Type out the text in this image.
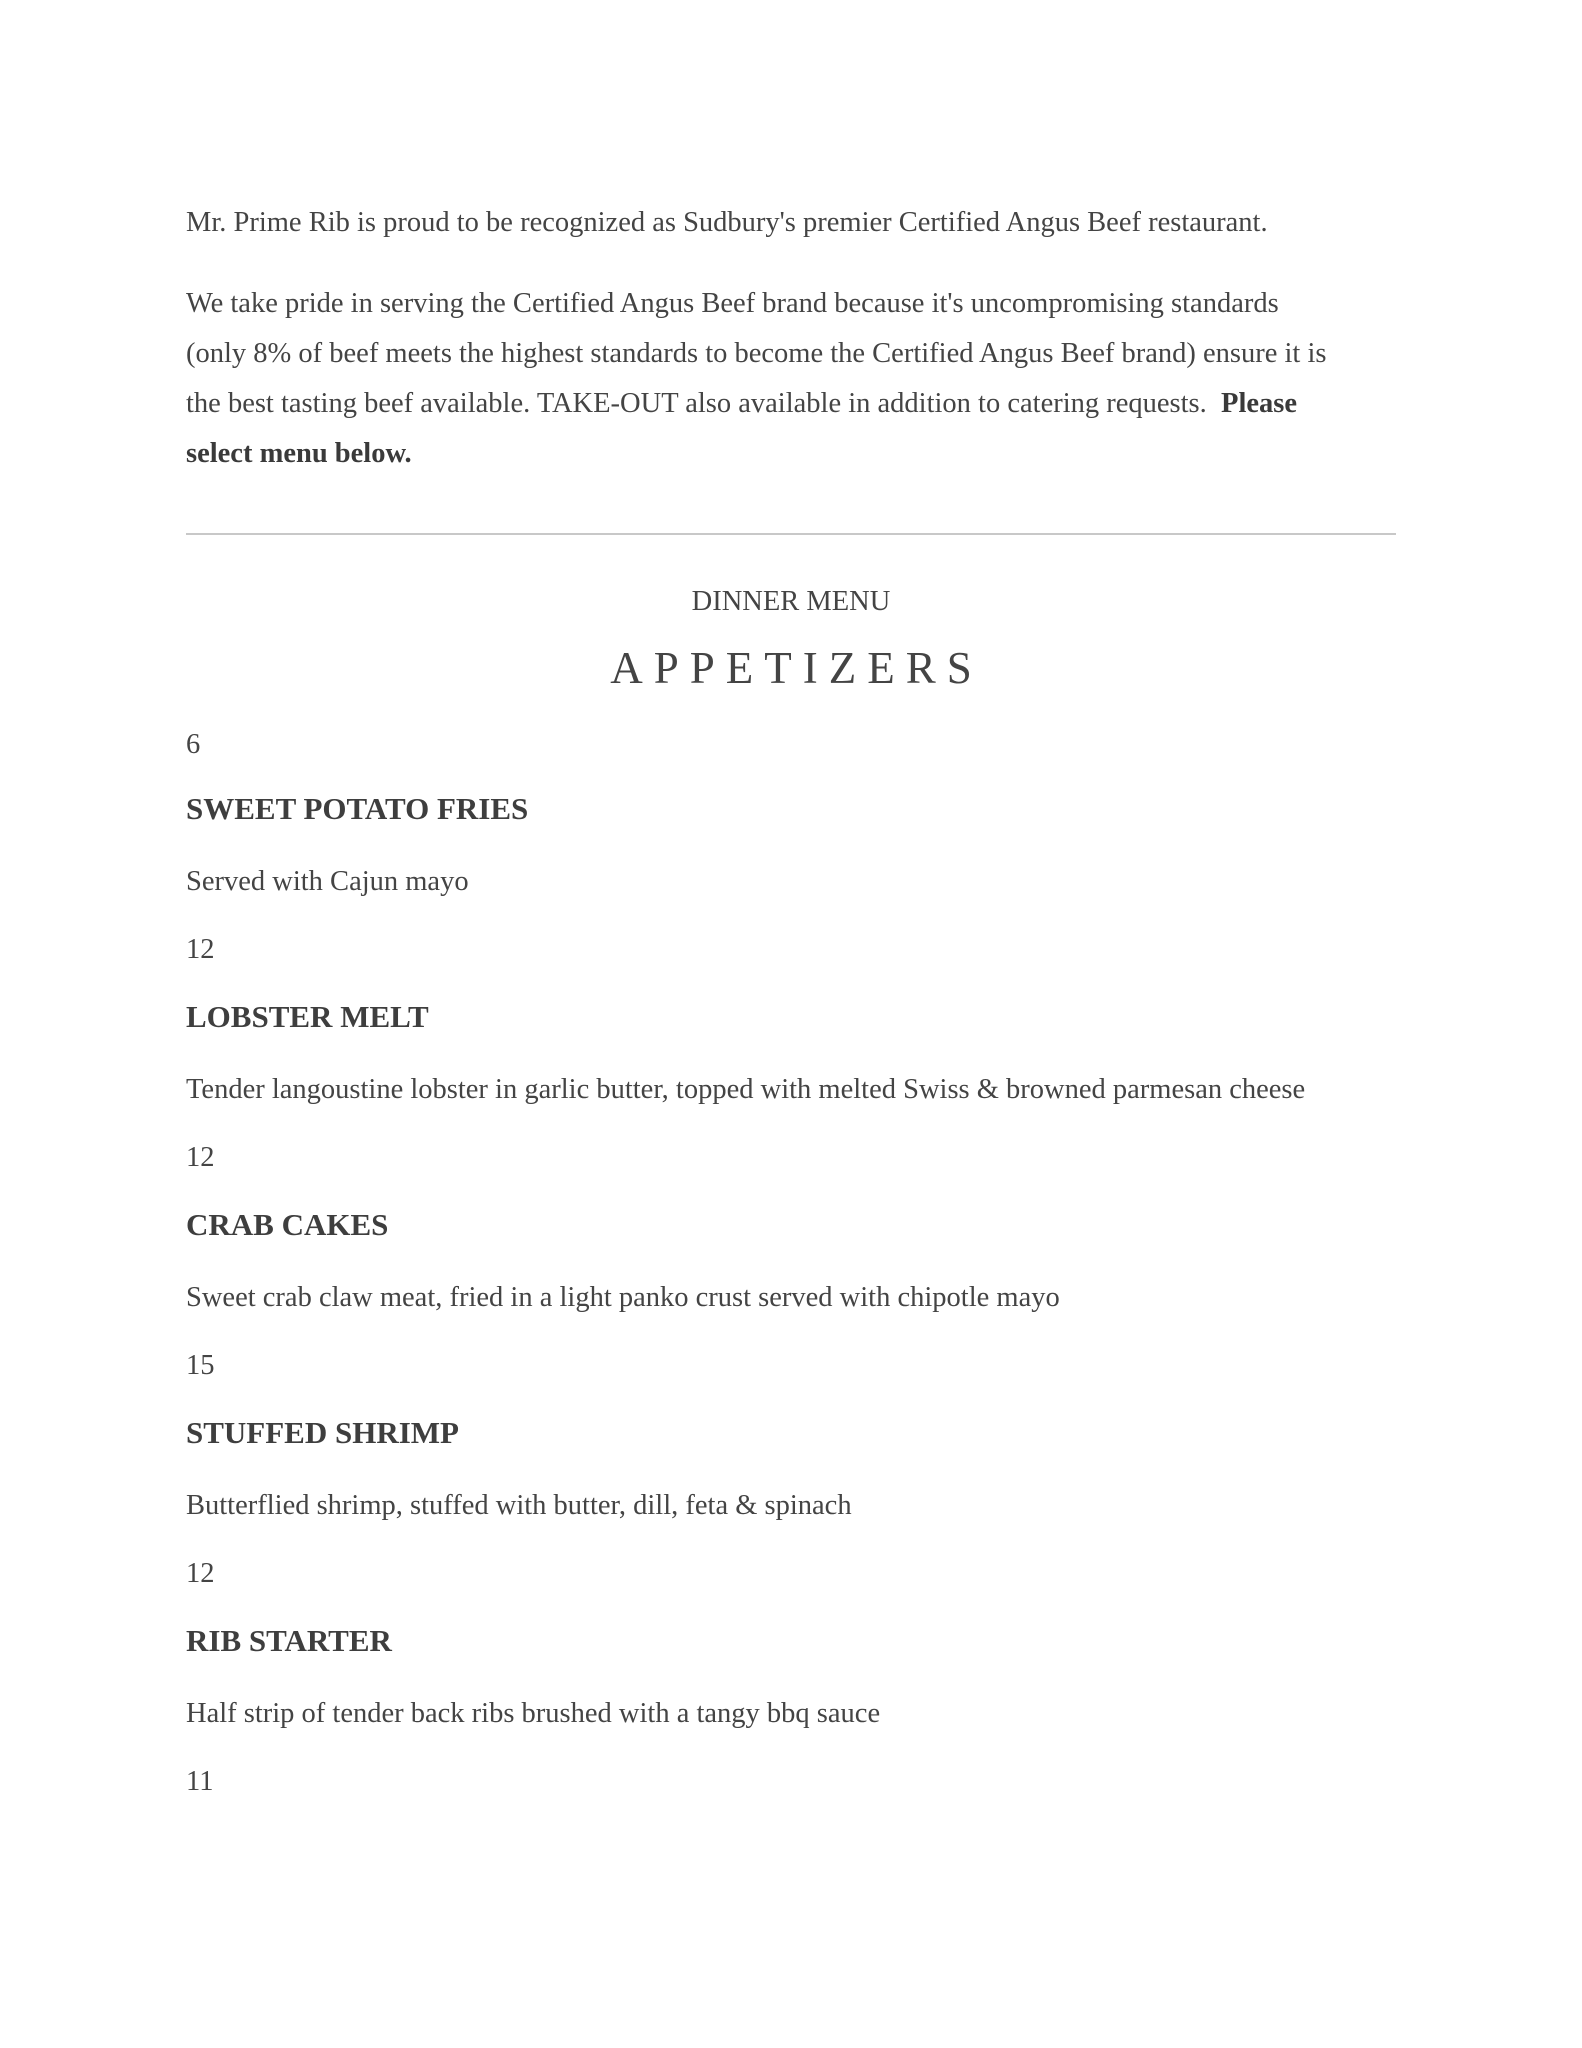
Mr. Prime Rib is proud to be recognized as Sudbury's premier Certified Angus Beef restaurant.

We take pride in serving the Certified Angus Beef brand because it's uncompromising standards
(only 8% of beef meets the highest standards to become the Certified Angus Beef brand) ensure it is
the best tasting beef available. TAKE-OUT also available in addition to catering requests. Please
select menu below.

DINNER MENU
APPETIZERS
6
SWEET POTATO FRIES
Served with Cajun mayo
12
LOBSTER MELT
Tender langoustine lobster in garlic butter, topped with melted Swiss & browned parmesan cheese
12
CRAB CAKES
Sweet crab claw meat, fried in a light panko crust served with chipotle mayo
15
STUFFED SHRIMP
Butterflied shrimp, stuffed with butter, dill, feta & spinach
12
RIB STARTER
Half strip of tender back ribs brushed with a tangy bbq sauce
11
